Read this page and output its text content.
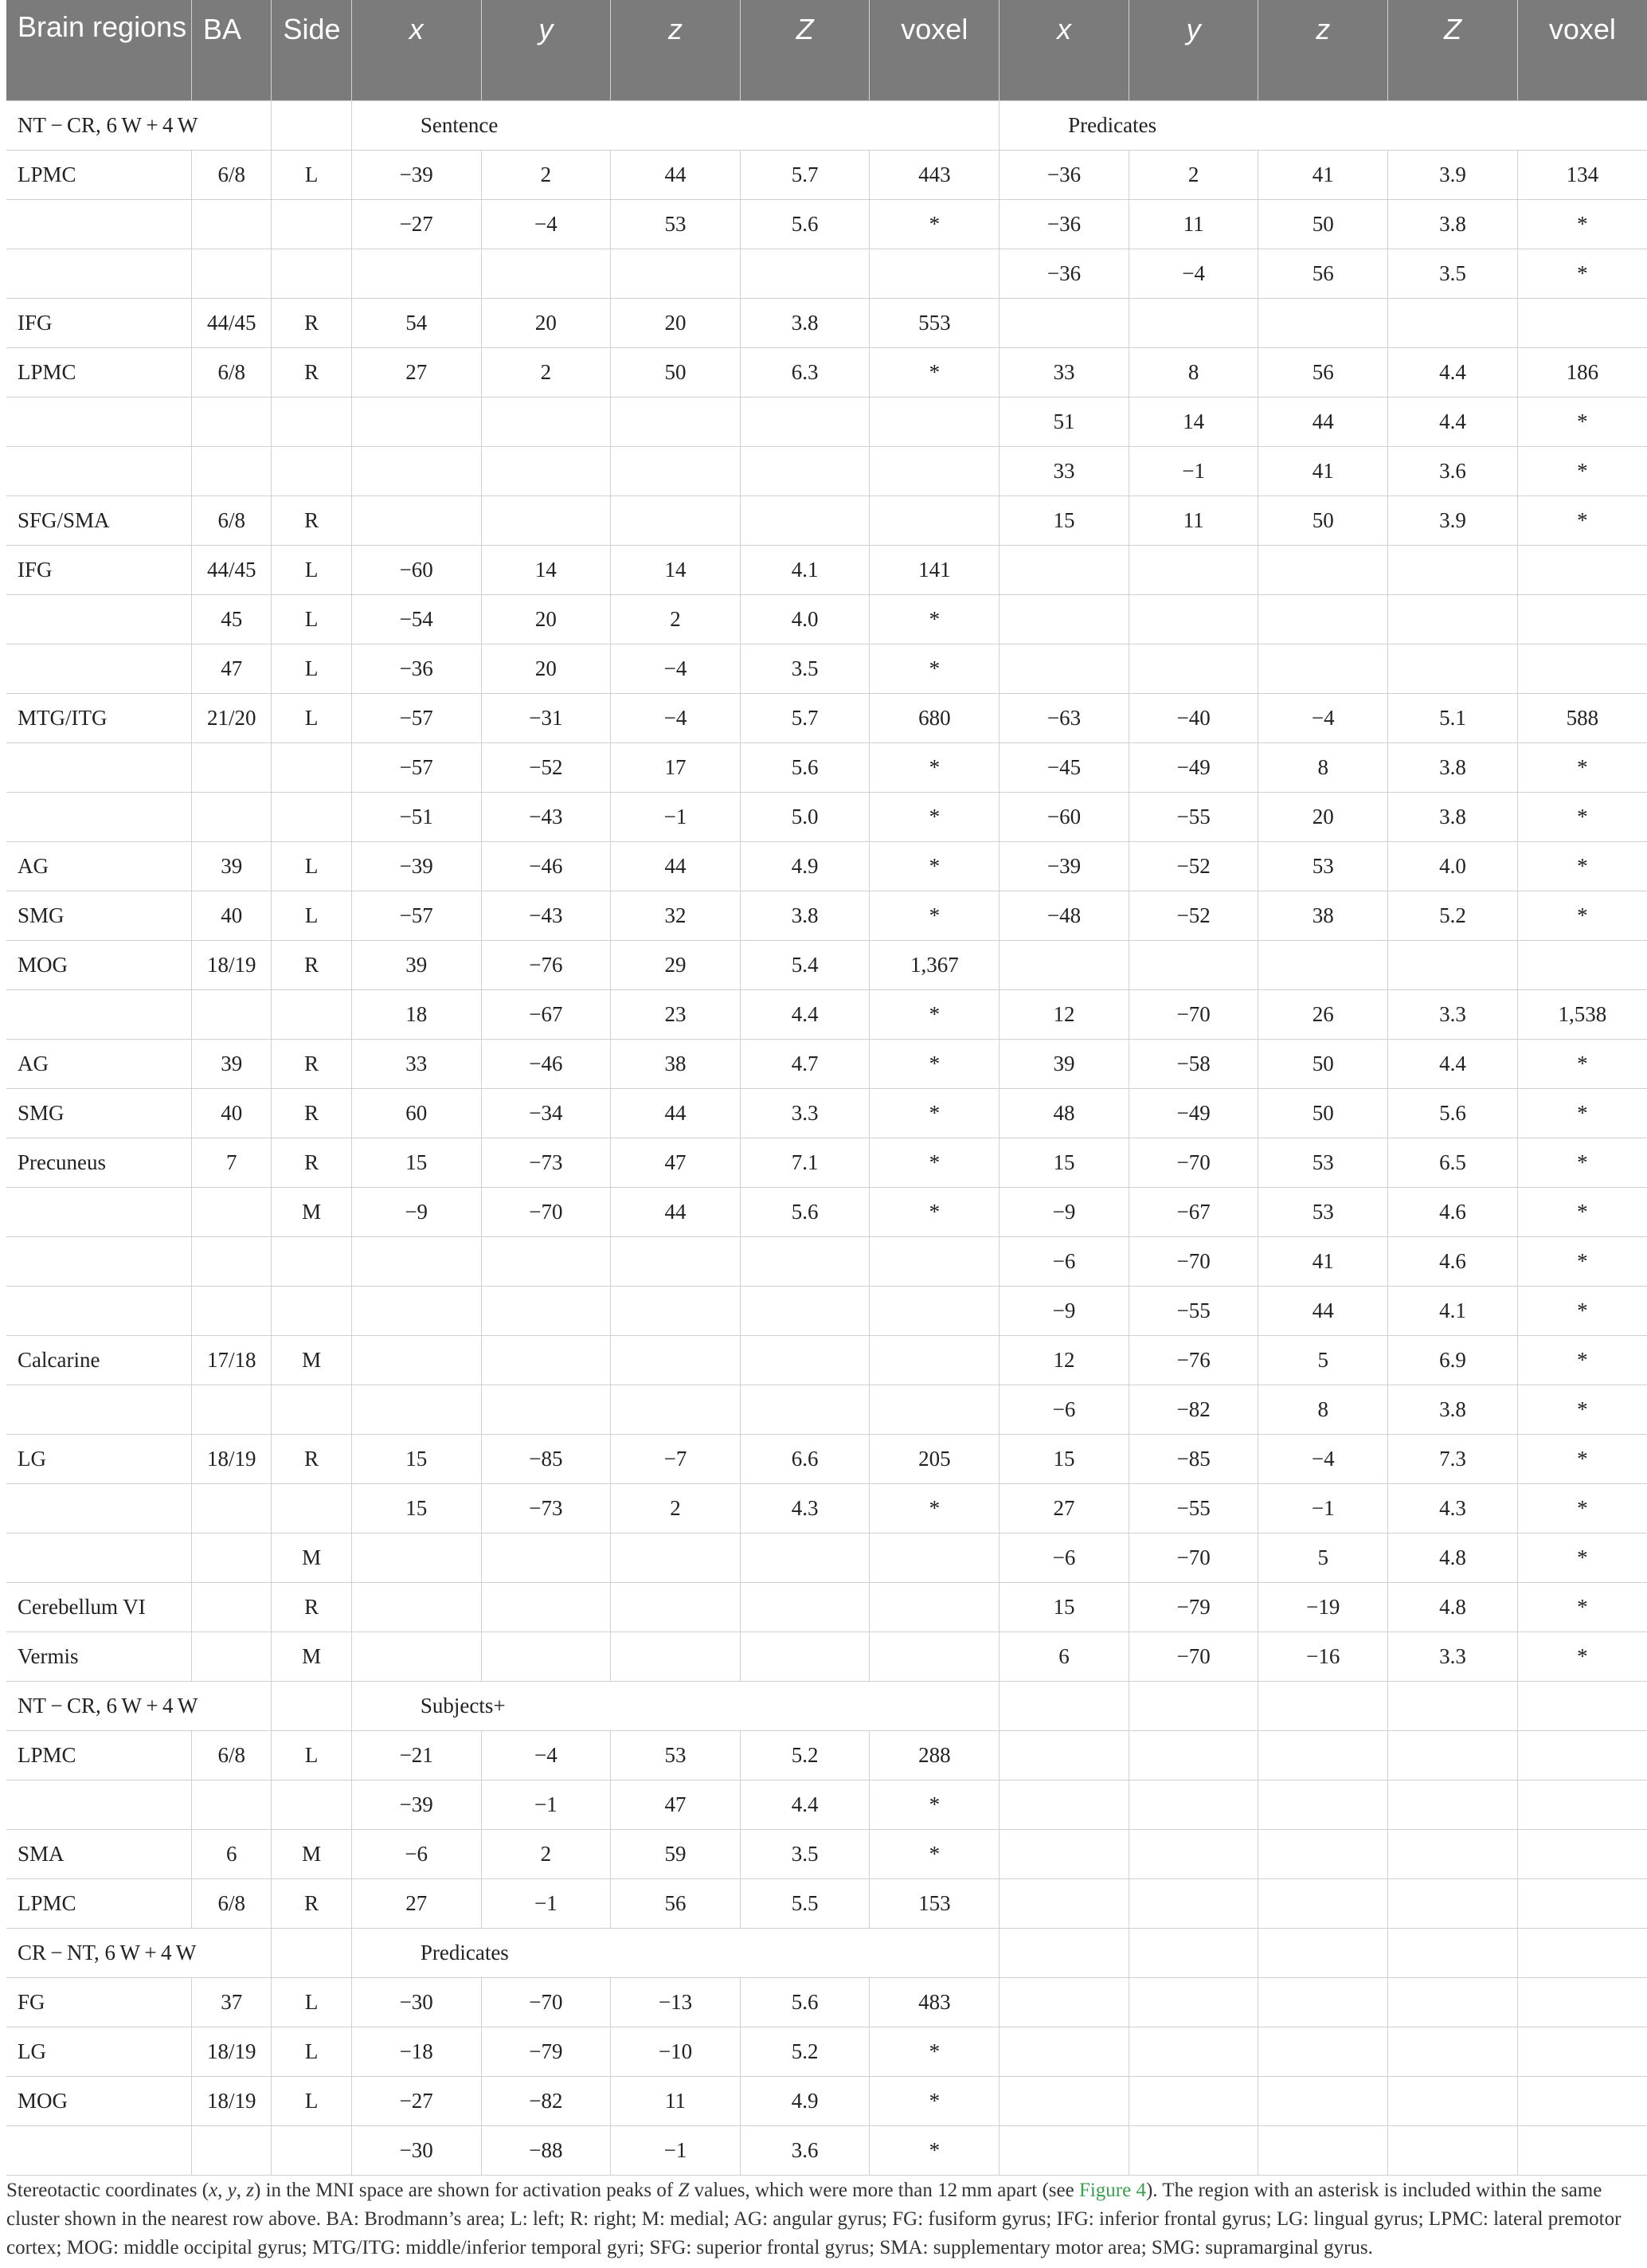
Brain regions	BA	Side	x	y	z	Z	voxel	x	y	z	Z	voxel
NT − CR, 6 W + 4 W			Sentence					Predicates				
LPMC	6/8	L	−39	2	44	5.7	443	−36	2	41	3.9	134
			−27	−4	53	5.6	*	−36	11	50	3.8	*
								−36	−4	56	3.5	*
IFG	44/45	R	54	20	20	3.8	553					
LPMC	6/8	R	27	2	50	6.3	*	33	8	56	4.4	186
								51	14	44	4.4	*
								33	−1	41	3.6	*
SFG/SMA	6/8	R						15	11	50	3.9	*
IFG	44/45	L	−60	14	14	4.1	141					
	45	L	−54	20	2	4.0	*					
	47	L	−36	20	−4	3.5	*					
MTG/ITG	21/20	L	−57	−31	−4	5.7	680	−63	−40	−4	5.1	588
			−57	−52	17	5.6	*	−45	−49	8	3.8	*
			−51	−43	−1	5.0	*	−60	−55	20	3.8	*
AG	39	L	−39	−46	44	4.9	*	−39	−52	53	4.0	*
SMG	40	L	−57	−43	32	3.8	*	−48	−52	38	5.2	*
MOG	18/19	R	39	−76	29	5.4	1,367					
			18	−67	23	4.4	*	12	−70	26	3.3	1,538
AG	39	R	33	−46	38	4.7	*	39	−58	50	4.4	*
SMG	40	R	60	−34	44	3.3	*	48	−49	50	5.6	*
Precuneus	7	R	15	−73	47	7.1	*	15	−70	53	6.5	*
		M	−9	−70	44	5.6	*	−9	−67	53	4.6	*
								−6	−70	41	4.6	*
								−9	−55	44	4.1	*
Calcarine	17/18	M						12	−76	5	6.9	*
								−6	−82	8	3.8	*
LG	18/19	R	15	−85	−7	6.6	205	15	−85	−4	7.3	*
			15	−73	2	4.3	*	27	−55	−1	4.3	*
		M						−6	−70	5	4.8	*
Cerebellum VI		R						15	−79	−19	4.8	*
Vermis		M						6	−70	−16	3.3	*
NT − CR, 6 W + 4 W			Subjects+									
LPMC	6/8	L	−21	−4	53	5.2	288					
			−39	−1	47	4.4	*					
SMA	6	M	−6	2	59	3.5	*					
LPMC	6/8	R	27	−1	56	5.5	153					
CR − NT, 6 W + 4 W			Predicates									
FG	37	L	−30	−70	−13	5.6	483					
LG	18/19	L	−18	−79	−10	5.2	*					
MOG	18/19	L	−27	−82	11	4.9	*					
			−30	−88	−1	3.6	*					
Stereotactic coordinates (x, y, z) in the MNI space are shown for activation peaks of Z values, which were more than 12 mm apart (see Figure 4). The region with an asterisk is included within the same cluster shown in the nearest row above. BA: Brodmann’s area; L: left; R: right; M: medial; AG: angular gyrus; FG: fusiform gyrus; IFG: inferior frontal gyrus; LG: lingual gyrus; LPMC: lateral premotor cortex; MOG: middle occipital gyrus; MTG/ITG: middle/inferior temporal gyri; SFG: superior frontal gyrus; SMA: supplementary motor area; SMG: supramarginal gyrus.
